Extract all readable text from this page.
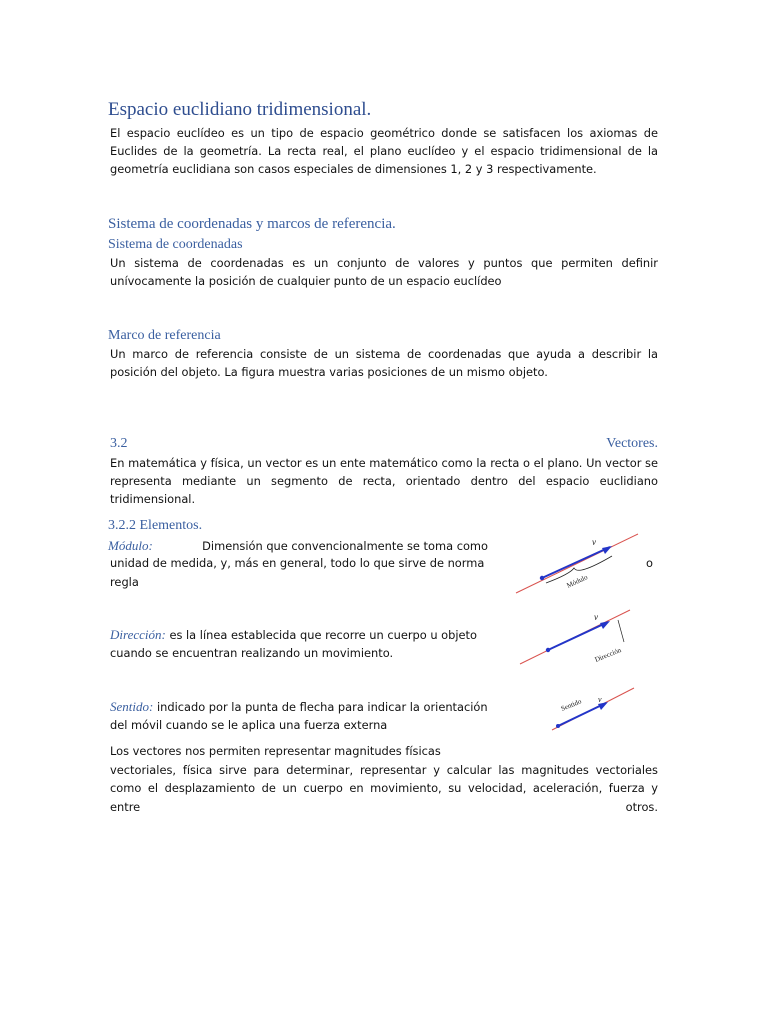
Espacio euclidiano tridimensional.
El espacio euclídeo es un tipo de espacio geométrico donde se satisfacen los axiomas de Euclides de la geometría. La recta real, el plano euclídeo y el espacio tridimensional de la geometría euclidiana son casos especiales de dimensiones 1, 2 y 3 respectivamente.
Sistema de coordenadas y marcos de referencia.
Sistema de coordenadas
Un sistema de coordenadas es un conjunto de valores y puntos que permiten definir unívocamente la posición de cualquier punto de un espacio euclídeo
Marco de referencia
Un marco de referencia consiste de un sistema de coordenadas que ayuda a describir la posición del objeto. La figura muestra varias posiciones de un mismo objeto.
3.2	Vectores.
En matemática y física, un vector es un ente matemático como la recta o el plano. Un vector se representa mediante un segmento de recta, orientado dentro del espacio euclidiano tridimensional.
3.2.2 Elementos.
Módulo:	Dimensión que convencionalmente se toma como
unidad de medida, y, más en general, todo lo que sirve de norma	o
regla
Dirección: es la línea establecida que recorre un cuerpo u objeto
cuando se encuentran realizando un movimiento.
Sentido: indicado por la punta de flecha para indicar la orientación
del móvil cuando se le aplica una fuerza externa
Los vectores nos permiten representar magnitudes físicas
vectoriales, física sirve para determinar, representar y calcular las magnitudes vectoriales
como el desplazamiento de un cuerpo en movimiento, su velocidad, aceleración, fuerza y
entre	otros.
v
Módulo
v
Dirección
v
Sentido
